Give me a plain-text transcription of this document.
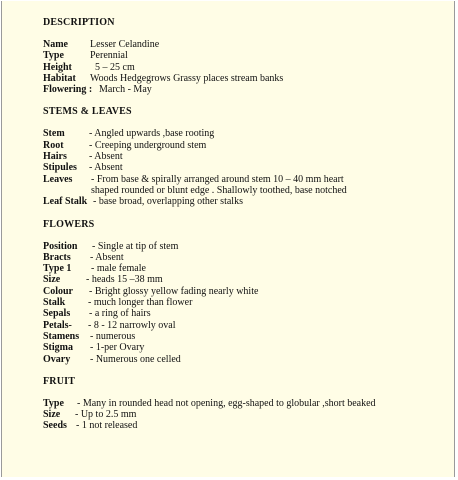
DESCRIPTION
Name	Lesser Celandine
Type	Perennial
Height	5 – 25 cm
Habitat	Woods Hedgegrows Grassy places stream banks
Flowering : March - May
STEMS & LEAVES
Stem	- Angled upwards ,base rooting
Root	- Creeping underground stem
Hairs	- Absent
Stipules	- Absent
Leaves	- From base & spirally arranged around stem 10 – 40 mm heart shaped rounded or blunt edge . Shallowly toothed, base notched
Leaf Stalk - base broad, overlapping other stalks
FLOWERS
Position	- Single at tip of stem
Bracts	- Absent
Type 1	- male female
Size	- heads 15 –38 mm
Colour	- Bright glossy yellow fading nearly white
Stalk	- much longer than flower
Sepals	- a ring of hairs
Petals-	- 8 - 12 narrowly oval
Stamens	- numerous
Stigma	- 1-per Ovary
Ovary	- Numerous one celled
FRUIT
Type	- Many in rounded head not opening, egg-shaped to globular ,short beaked
Size	- Up to 2.5 mm
Seeds - 1 not released
